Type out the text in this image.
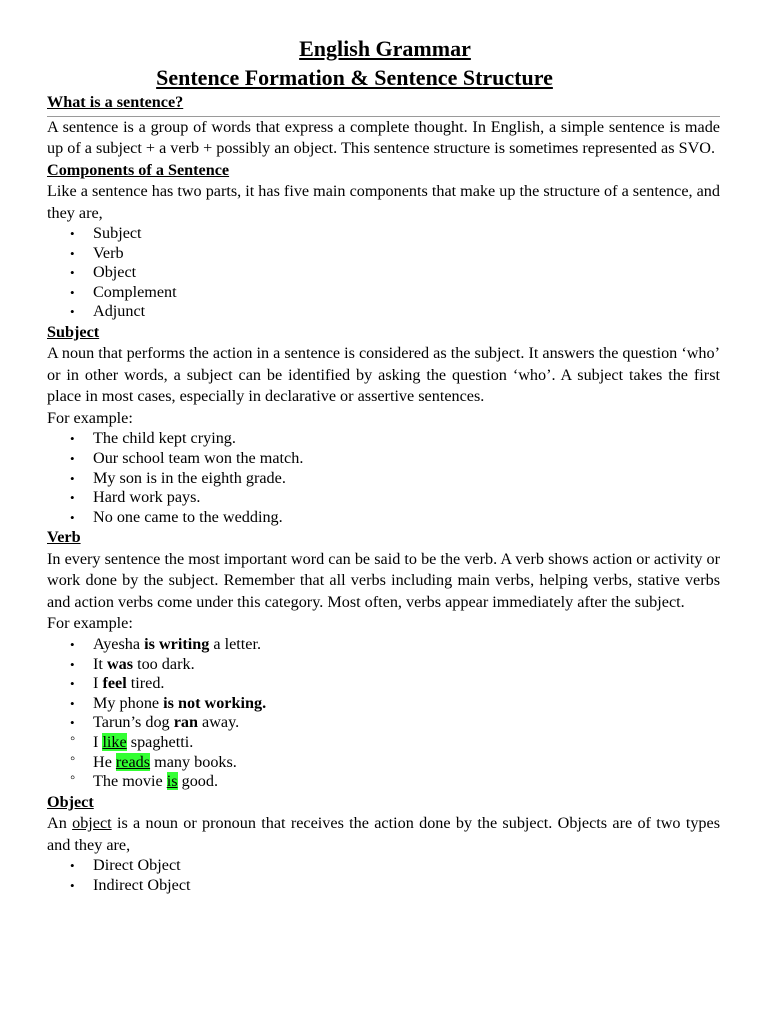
English Grammar
Sentence Formation & Sentence Structure
What is a sentence?

A sentence is a group of words that express a complete thought. In English, a simple sentence is made up of a subject + a verb + possibly an object. This sentence structure is sometimes represented as SVO.

Components of a Sentence

Like a sentence has two parts, it has five main components that make up the structure of a sentence, and they are,

•
Subject
•
Verb
•
Object
•
Complement
•
Adjunct
Subject

A noun that performs the action in a sentence is considered as the subject. It answers the question ‘who’ or in other words, a subject can be identified by asking the question ‘who’. A subject takes the first place in most cases, especially in declarative or assertive sentences.

For example:

•
The child kept crying.
•
Our school team won the match.
•
My son is in the eighth grade.
•
Hard work pays.
•
No one came to the wedding.
Verb

In every sentence the most important word can be said to be the verb. A verb shows action or activity or work done by the subject. Remember that all verbs including main verbs, helping verbs, stative verbs and action verbs come under this category. Most often, verbs appear immediately after the subject.

For example:

•
Ayesha is writing a letter.
•
It was too dark.
•
I feel tired.
•
My phone is not working.
•
Tarun’s dog ran away.
◦
I like spaghetti.
◦
He reads many books.
◦
The movie is good.
Object

An object is a noun or pronoun that receives the action done by the subject. Objects are of two types and they are,

•
Direct Object
•
Indirect Object
